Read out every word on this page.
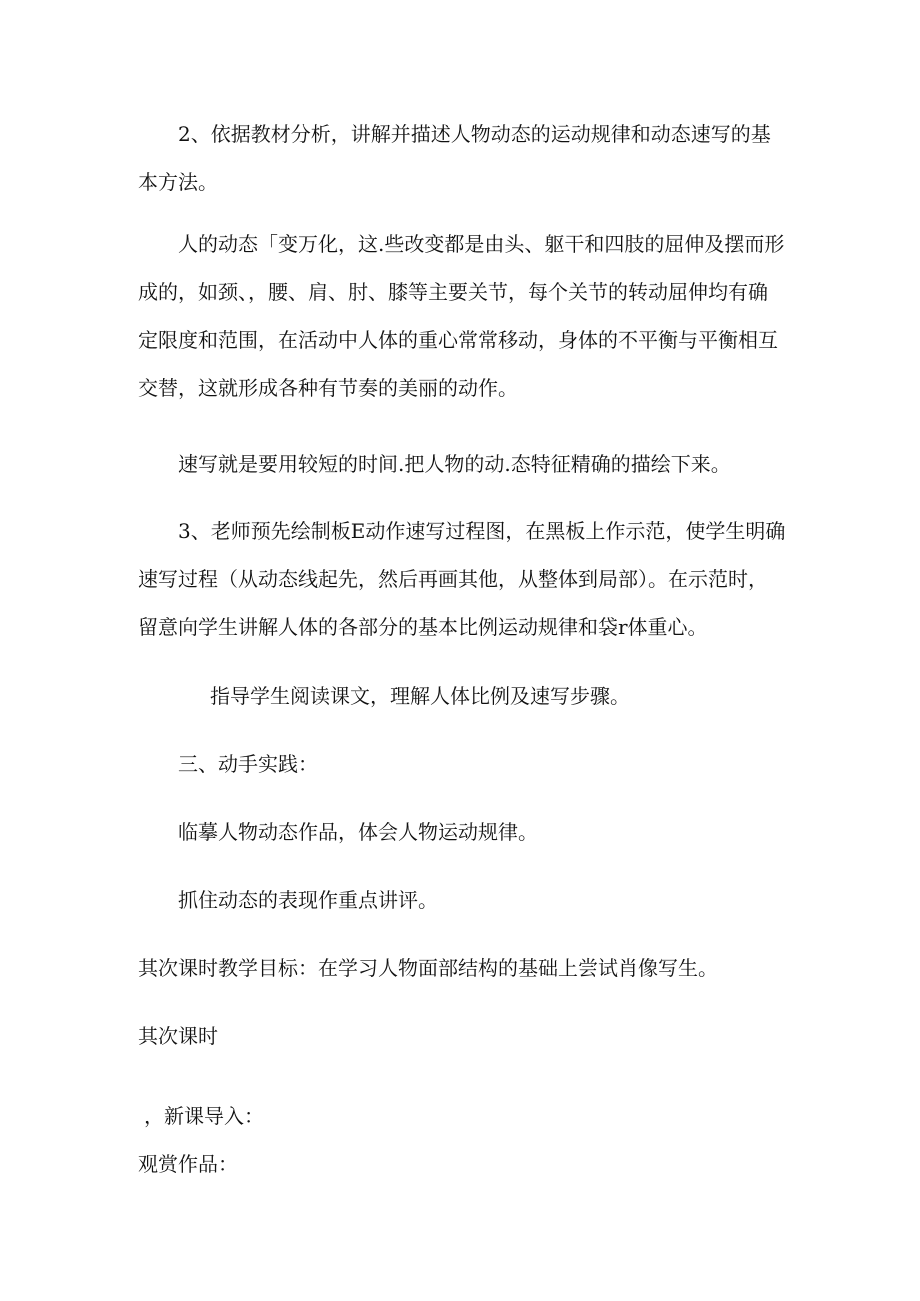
2、依据教材分析，讲解并描述人物动态的运动规律和动态速写的基
本方法。

人的动态「变万化，这.些改变都是由头、躯干和四肢的屈伸及摆而形
成的，如颈、，腰、肩、肘、膝等主要关节，每个关节的转动屈伸均有确
定限度和范围，在活动中人体的重心常常移动，身体的不平衡与平衡相互
交替，这就形成各种有节奏的美丽的动作。

速写就是要用较短的时间.把人物的动.态特征精确的描绘下来。

3、老师预先绘制板E动作速写过程图，在黑板上作示范，使学生明确
速写过程（从动态线起先，然后再画其他，从整体到局部）。在示范时，
留意向学生讲解人体的各部分的基本比例运动规律和袋r体重心。

指导学生阅读课文，理解人体比例及速写步骤。

三、动手实践：

临摹人物动态作品，体会人物运动规律。

抓住动态的表现作重点讲评。

其次课时教学目标：在学习人物面部结构的基础上尝试肖像写生。

其次课时

，新课导入：

观赏作品：
